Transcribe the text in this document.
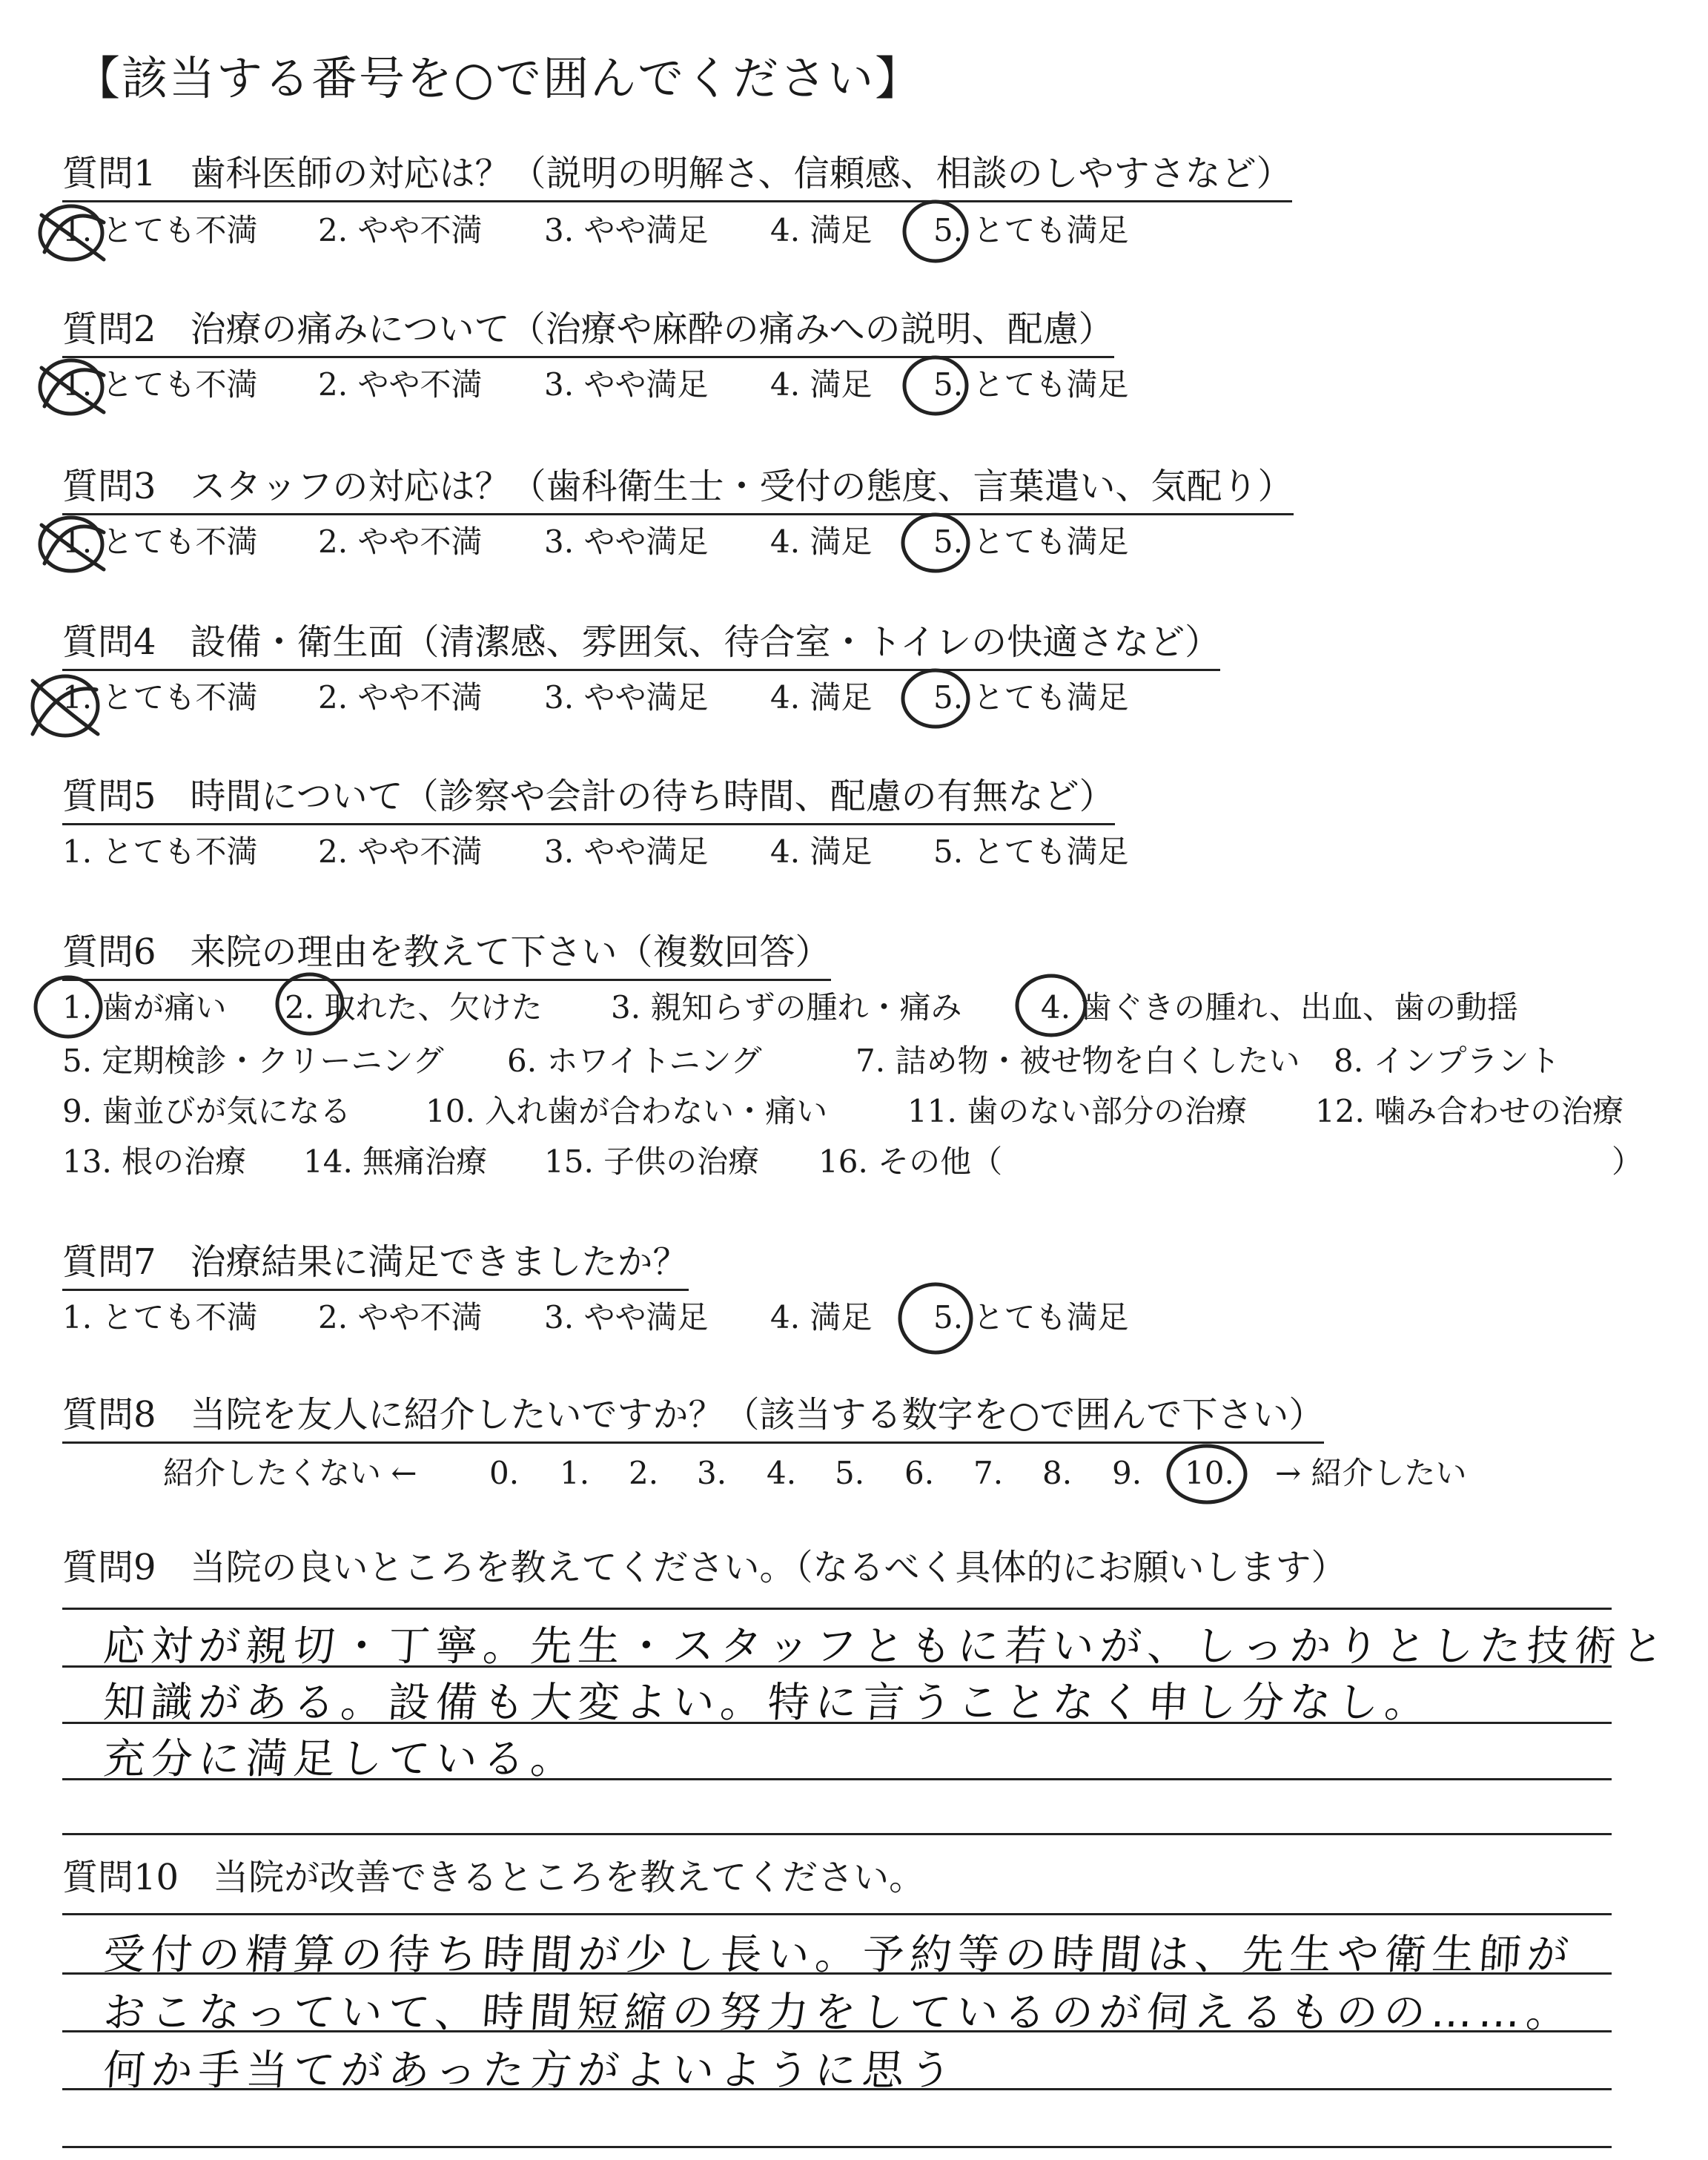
【該当する番号を○で囲んでください】
質問1 歯科医師の対応は？（説明の明解さ、信頼感、相談のしやすさなど）
1. とても不満 2. やや不満 3. やや満足 4. 満足 5. とても満足
質問2 治療の痛みについて（治療や麻酔の痛みへの説明、配慮）
1. とても不満 2. やや不満 3. やや満足 4. 満足 5. とても満足
質問3 スタッフの対応は？（歯科衛生士・受付の態度、言葉遣い、気配り）
1. とても不満 2. やや不満 3. やや満足 4. 満足 5. とても満足
質問4 設備・衛生面（清潔感、雰囲気、待合室・トイレの快適さなど）
1. とても不満 2. やや不満 3. やや満足 4. 満足 5. とても満足
質問5 時間について（診察や会計の待ち時間、配慮の有無など）
1. とても不満 2. やや不満 3. やや満足 4. 満足 5. とても満足
質問6 来院の理由を教えて下さい（複数回答）
1. 歯が痛い 2. 取れた、欠けた 3. 親知らずの腫れ・痛み	4. 歯ぐきの腫れ、出血、歯の動揺
5. 定期検診・クリーニング 6. ホワイトニング	7. 詰め物・被せ物を白くしたい 8. インプラント
9. 歯並びが気になる 10. 入れ歯が合わない・痛い	11. 歯のない部分の治療 12. 噛み合わせの治療
13. 根の治療 14. 無痛治療 15. 子供の治療 16. その他（	）
質問7 治療結果に満足できましたか？
1. とても不満 2. やや不満 3. やや満足 4. 満足 5. とても満足
質問8 当院を友人に紹介したいですか？（該当する数字を○で囲んで下さい）
紹介したくない ← 0. 1. 2. 3. 4. 5. 6. 7. 8. 9. 10. → 紹介したい
質問9 当院の良いところを教えてください。（なるべく具体的にお願いします）
応対が親切・丁寧。先生・スタッフともに若いが、しっかりとした技術と
知識がある。設備も大変よい。特に言うことなく申し分なし。
充分に満足している。
質問10 当院が改善できるところを教えてください。
受付の精算の待ち時間が少し長い。予約等の時間は、先生や衛生師が
おこなっていて、時間短縮の努力をしているのが伺えるものの……。
何か手当てがあった方がよいように思う
